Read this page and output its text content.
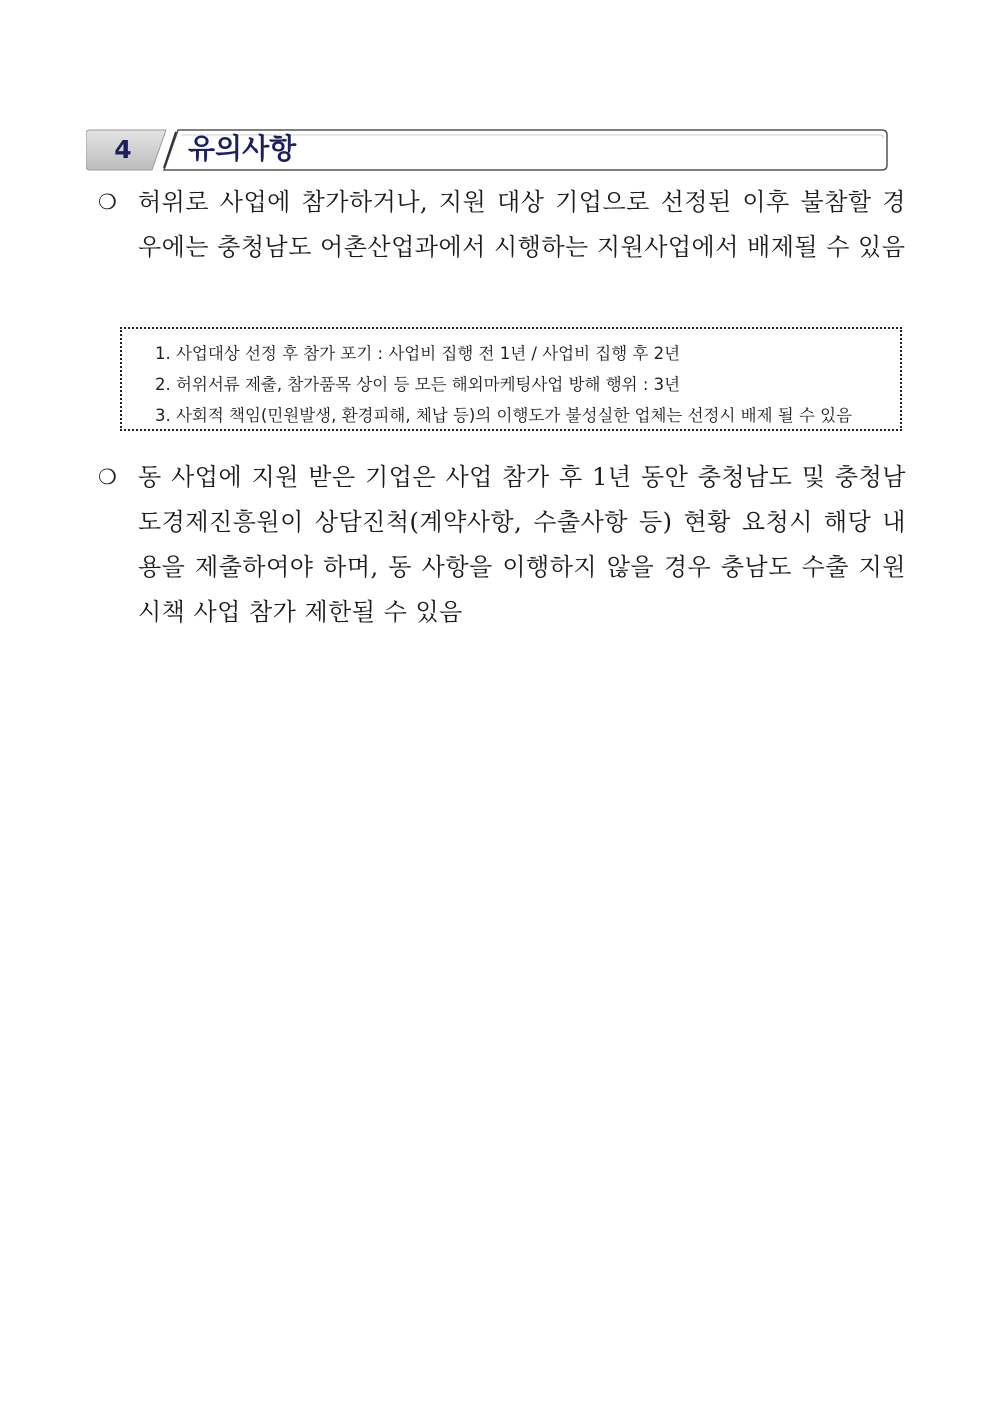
4	유의사항
❍ 허위로 사업에 참가하거나, 지원 대상 기업으로 선정된 이후 불참할 경우에는 충청남도 어촌산업과에서 시행하는 지원사업에서 배제될 수 있음
1. 사업대상 선정 후 참가 포기 : 사업비 집행 전 1년 / 사업비 집행 후 2년
2. 허위서류 제출, 참가품목 상이 등 모든 해외마케팅사업 방해 행위 : 3년
3. 사회적 책임(민원발생, 환경피해, 체납 등)의 이행도가 불성실한 업체는 선정시 배제 될 수 있음
❍ 동 사업에 지원 받은 기업은 사업 참가 후 1년 동안 충청남도 및 충청남도경제진흥원이 상담진척(계약사항, 수출사항 등) 현황 요청시 해당 내용을 제출하여야 하며, 동 사항을 이행하지 않을 경우 충남도 수출 지원시책 사업 참가 제한될 수 있음
